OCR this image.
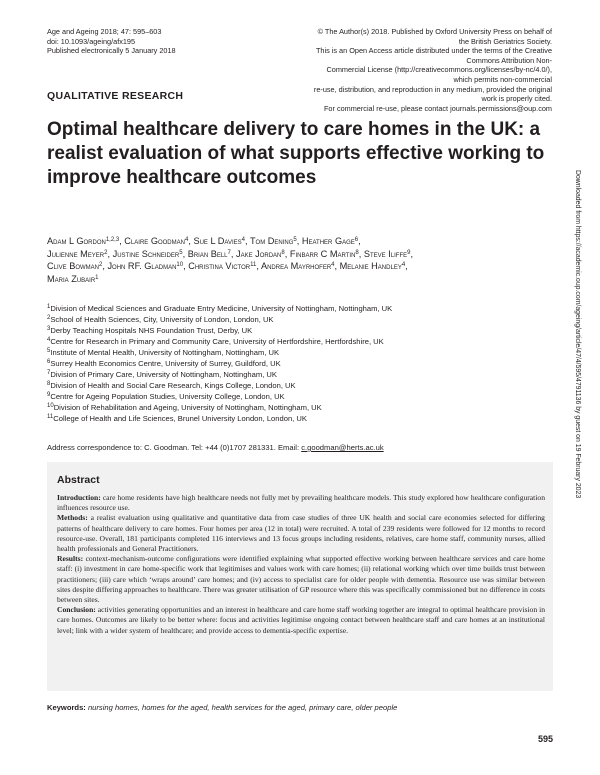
Age and Ageing 2018; 47: 595–603
doi: 10.1093/ageing/afx195
Published electronically 5 January 2018
© The Author(s) 2018. Published by Oxford University Press on behalf of the British Geriatrics Society.
This is an Open Access article distributed under the terms of the Creative Commons Attribution Non-
Commercial License (http://creativecommons.org/licenses/by-nc/4.0/), which permits non-commercial
re-use, distribution, and reproduction in any medium, provided the original work is properly cited.
For commercial re-use, please contact journals.permissions@oup.com
QUALITATIVE RESEARCH
Optimal healthcare delivery to care homes in the UK: a realist evaluation of what supports effective working to improve healthcare outcomes
Adam L Gordon$^{1,2,3}$, Claire Goodman$^4$, Sue L Davies$^4$, Tom Dening$^5$, Heather Gage$^6$,
Julienne Meyer$^2$, Justine Schneider$^5$, Brian Bell$^7$, Jake Jordan$^8$, Finbarr C Martin$^8$, Steve Iliffe$^9$,
Clive Bowman$^2$, John RF. Gladman$^{10}$, Christina Victor$^{11}$, Andrea Mayrhofer$^4$, Melanie Handley$^4$,
Maria Zubair$^1$
$^1$Division of Medical Sciences and Graduate Entry Medicine, University of Nottingham, Nottingham, UK
$^2$School of Health Sciences, City, University of London, London, UK
$^3$Derby Teaching Hospitals NHS Foundation Trust, Derby, UK
$^4$Centre for Research in Primary and Community Care, University of Hertfordshire, Hertfordshire, UK
$^5$Institute of Mental Health, University of Nottingham, Nottingham, UK
$^6$Surrey Health Economics Centre, University of Surrey, Guildford, UK
$^7$Division of Primary Care, University of Nottingham, Nottingham, UK
$^8$Division of Health and Social Care Research, Kings College, London, UK
$^9$Centre for Ageing Population Studies, University College, London, UK
$^{10}$Division of Rehabilitation and Ageing, University of Nottingham, Nottingham, UK
$^{11}$College of Health and Life Sciences, Brunel University London, London, UK
Address correspondence to: C. Goodman. Tel: +44 (0)1707 281331. Email: c.goodman@herts.ac.uk
Abstract

Introduction: care home residents have high healthcare needs not fully met by prevailing healthcare models. This study explored how healthcare configuration influences resource use.

Methods: a realist evaluation using qualitative and quantitative data from case studies of three UK health and social care economies selected for differing patterns of healthcare delivery to care homes. Four homes per area (12 in total) were recruited. A total of 239 residents were followed for 12 months to record resource-use. Overall, 181 participants completed 116 interviews and 13 focus groups including residents, relatives, care home staff, community nurses, allied health professionals and General Practitioners.

Results: context-mechanism-outcome configurations were identified explaining what supported effective working between healthcare services and care home staff: (i) investment in care home-specific work that legitimises and values work with care homes; (ii) relational working which over time builds trust between practitioners; (iii) care which ‘wraps around’ care homes; and (iv) access to specialist care for older people with dementia. Resource use was similar between sites despite differing approaches to healthcare. There was greater utilisation of GP resource where this was specifically commissioned but no difference in costs between sites.

Conclusion: activities generating opportunities and an interest in healthcare and care home staff working together are integral to optimal healthcare provision in care homes. Outcomes are likely to be better where: focus and activities legitimise ongoing contact between healthcare staff and care homes at an institutional level; link with a wider system of healthcare; and provide access to dementia-specific expertise.

Keywords: nursing homes, homes for the aged, health services for the aged, primary care, older people
595
Downloaded from https://academic.oup.com/ageing/article/47/4/595/4791136 by guest on 19 February 2023
